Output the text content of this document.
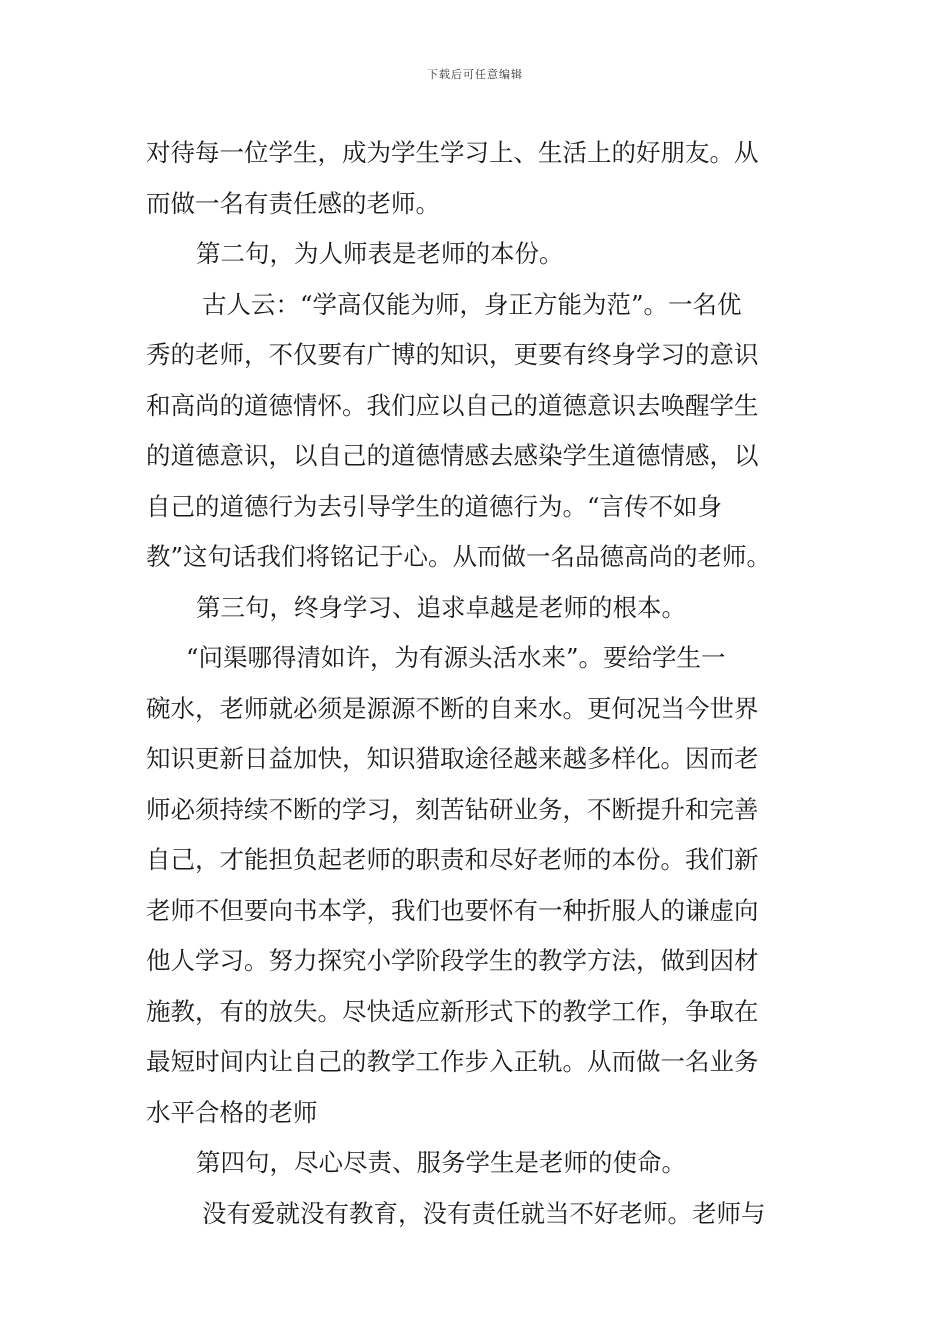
下载后可任意编辑
对待每一位学生，成为学生学习上、生活上的好朋友。从
而做一名有责任感的老师。
第二句，为人师表是老师的本份。
古人云：“学高仅能为师，身正方能为范”。一名优
秀的老师，不仅要有广博的知识，更要有终身学习的意识
和高尚的道德情怀。我们应以自己的道德意识去唤醒学生
的道德意识，以自己的道德情感去感染学生道德情感，以
自己的道德行为去引导学生的道德行为。“言传不如身
教”这句话我们将铭记于心。从而做一名品德高尚的老师。
第三句，终身学习、追求卓越是老师的根本。
“问渠哪得清如许，为有源头活水来”。要给学生一
碗水，老师就必须是源源不断的自来水。更何况当今世界
知识更新日益加快，知识猎取途径越来越多样化。因而老
师必须持续不断的学习，刻苦钻研业务，不断提升和完善
自己，才能担负起老师的职责和尽好老师的本份。我们新
老师不但要向书本学，我们也要怀有一种折服人的谦虚向
他人学习。努力探究小学阶段学生的教学方法，做到因材
施教，有的放失。尽快适应新形式下的教学工作，争取在
最短时间内让自己的教学工作步入正轨。从而做一名业务
水平合格的老师
第四句，尽心尽责、服务学生是老师的使命。
没有爱就没有教育，没有责任就当不好老师。老师与
